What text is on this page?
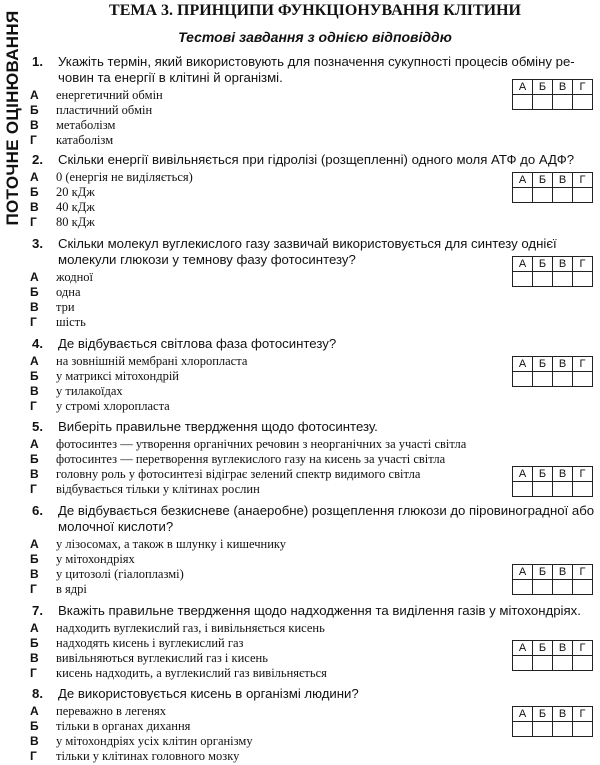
ПОТОЧНЕ ОЦІНЮВАННЯ
ТЕМА 3. ПРИНЦИПИ ФУНКЦІОНУВАННЯ КЛІТИНИ
Тестові завдання з однією відповіддю
1. Укажіть термін, який використовують для позначення сукупності процесів обміну ре-човин та енергії в клітині й організмі.
А енергетичний обмін
Б пластичний обмін
В метаболізм
Г катаболізм
А	Б	В	Г

2. Скільки енергії вивільняється при гідролізі (розщепленні) одного моля АТФ до АДФ?
А 0 (енергія не виділяється)
Б 20 кДж
В 40 кДж
Г 80 кДж
А	Б	В	Г

3. Скільки молекул вуглекислого газу зазвичай використовується для синтезу однієї молекули глюкози у темнову фазу фотосинтезу?
А жодної
Б одна
В три
Г шість
А	Б	В	Г

4. Де відбувається світлова фаза фотосинтезу?
А на зовнішній мембрані хлоропласта
Б у матриксі мітохондрій
В у тилакоїдах
Г у стромі хлоропласта
А	Б	В	Г

5. Виберіть правильне твердження щодо фотосинтезу.
А фотосинтез — утворення органічних речовин з неорганічних за участі світла
Б фотосинтез — перетворення вуглекислого газу на кисень за участі світла
В головну роль у фотосинтезі відіграє зелений спектр видимого світла
Г відбувається тільки у клітинах рослин
А	Б	В	Г

6. Де відбувається безкисневе (анаеробне) розщеплення глюкози до піровиноградної або молочної кислоти?
А у лізосомах, а також в шлунку і кишечнику
Б у мітохондріях
В у цитозолі (гіалоплазмі)
Г в ядрі
А	Б	В	Г

7. Вкажіть правильне твердження щодо надходження та виділення газів у мітохондріях.
А надходить вуглекислий газ, і вивільняється кисень
Б надходять кисень і вуглекислий газ
В вивільняються вуглекислий газ і кисень
Г кисень надходить, а вуглекислий газ вивільняється
А	Б	В	Г

8. Де використовується кисень в організмі людини?
А переважно в легенях
Б тільки в органах дихання
В у мітохондріях усіх клітин організму
Г тільки у клітинах головного мозку
А	Б	В	Г
